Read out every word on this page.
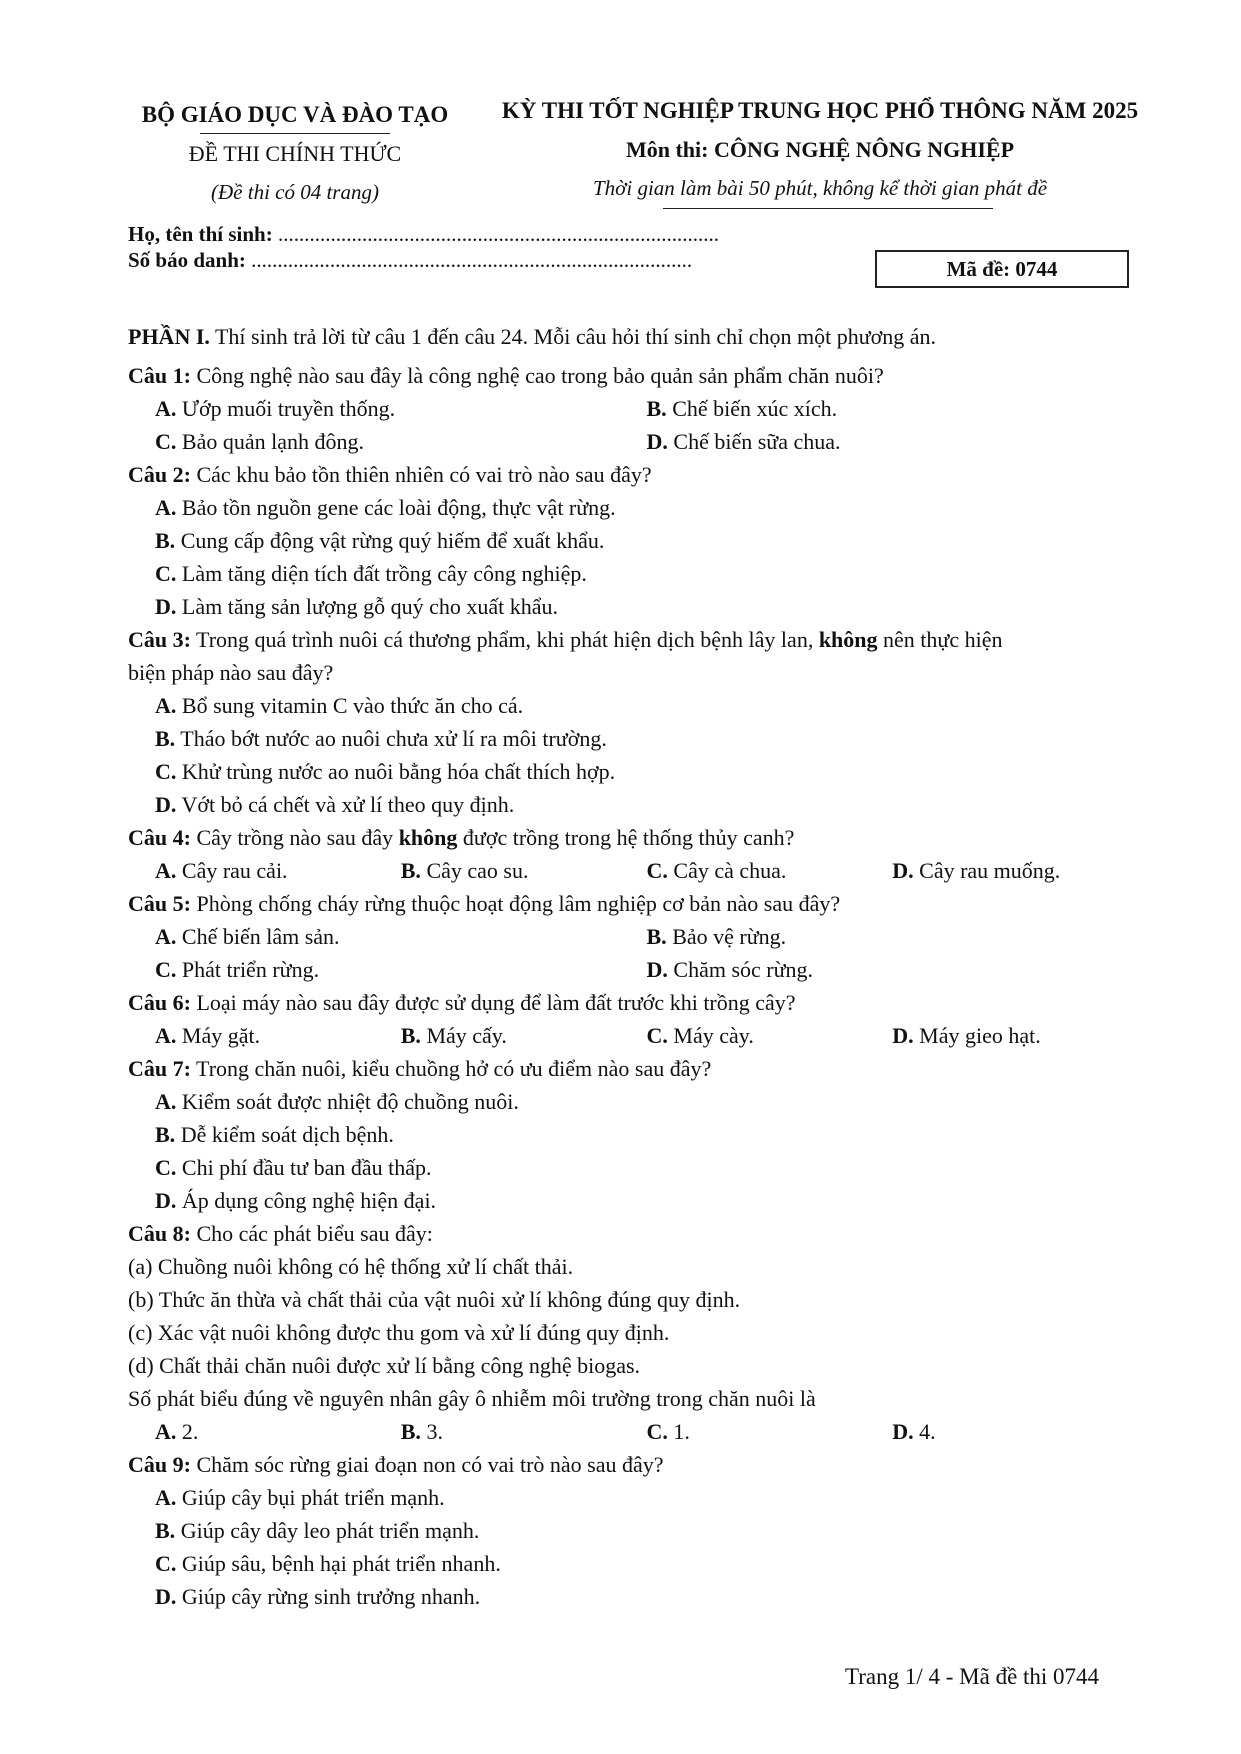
BỘ GIÁO DỤC VÀ ĐÀO TẠO
ĐỀ THI CHÍNH THỨC
(Đề thi có 04 trang)
KỲ THI TỐT NGHIỆP TRUNG HỌC PHỔ THÔNG NĂM 2025
Môn thi: CÔNG NGHỆ NÔNG NGHIỆP
Thời gian làm bài 50 phút, không kể thời gian phát đề
Họ, tên thí sinh: ....................................................................................
Số báo danh: ....................................................................................	Mã đề: 0744
PHẦN I. Thí sinh trả lời từ câu 1 đến câu 24. Mỗi câu hỏi thí sinh chỉ chọn một phương án.
Câu 1: Công nghệ nào sau đây là công nghệ cao trong bảo quản sản phẩm chăn nuôi?
A. Ướp muối truyền thống.	B. Chế biến xúc xích.
C. Bảo quản lạnh đông.	D. Chế biến sữa chua.
Câu 2: Các khu bảo tồn thiên nhiên có vai trò nào sau đây?
A. Bảo tồn nguồn gene các loài động, thực vật rừng.
B. Cung cấp động vật rừng quý hiếm để xuất khẩu.
C. Làm tăng diện tích đất trồng cây công nghiệp.
D. Làm tăng sản lượng gỗ quý cho xuất khẩu.
Câu 3: Trong quá trình nuôi cá thương phẩm, khi phát hiện dịch bệnh lây lan, không nên thực hiện
biện pháp nào sau đây?
A. Bổ sung vitamin C vào thức ăn cho cá.
B. Tháo bớt nước ao nuôi chưa xử lí ra môi trường.
C. Khử trùng nước ao nuôi bằng hóa chất thích hợp.
D. Vớt bỏ cá chết và xử lí theo quy định.
Câu 4: Cây trồng nào sau đây không được trồng trong hệ thống thủy canh?
A. Cây rau cải.	B. Cây cao su.	C. Cây cà chua.	D. Cây rau muống.
Câu 5: Phòng chống cháy rừng thuộc hoạt động lâm nghiệp cơ bản nào sau đây?
A. Chế biến lâm sản.	B. Bảo vệ rừng.
C. Phát triển rừng.	D. Chăm sóc rừng.
Câu 6: Loại máy nào sau đây được sử dụng để làm đất trước khi trồng cây?
A. Máy gặt.	B. Máy cấy.	C. Máy cày.	D. Máy gieo hạt.
Câu 7: Trong chăn nuôi, kiểu chuồng hở có ưu điểm nào sau đây?
A. Kiểm soát được nhiệt độ chuồng nuôi.
B. Dễ kiểm soát dịch bệnh.
C. Chi phí đầu tư ban đầu thấp.
D. Áp dụng công nghệ hiện đại.
Câu 8: Cho các phát biểu sau đây:
(a) Chuồng nuôi không có hệ thống xử lí chất thải.
(b) Thức ăn thừa và chất thải của vật nuôi xử lí không đúng quy định.
(c) Xác vật nuôi không được thu gom và xử lí đúng quy định.
(d) Chất thải chăn nuôi được xử lí bằng công nghệ biogas.
Số phát biểu đúng về nguyên nhân gây ô nhiễm môi trường trong chăn nuôi là
A. 2.	B. 3.	C. 1.	D. 4.
Câu 9: Chăm sóc rừng giai đoạn non có vai trò nào sau đây?
A. Giúp cây bụi phát triển mạnh.
B. Giúp cây dây leo phát triển mạnh.
C. Giúp sâu, bệnh hại phát triển nhanh.
D. Giúp cây rừng sinh trưởng nhanh.
Trang 1/ 4 - Mã đề thi 0744
